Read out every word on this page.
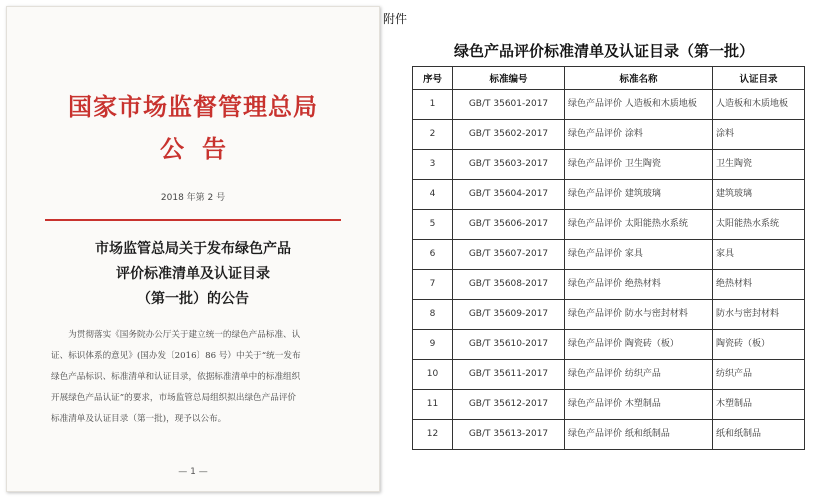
国家市场监督管理总局
公告
2018 年第 2 号
市场监管总局关于发布绿色产品
评价标准清单及认证目录
（第一批）的公告

为贯彻落实《国务院办公厅关于建立统一的绿色产品标准、认

证、标识体系的意见》(国办发〔2016〕86 号）中关于“统一发布
绿色产品标识、标准清单和认证目录，依据标准清单中的标准组织
开展绿色产品认证”的要求，市场监管总局组织拟出绿色产品评价
标准清单及认证目录（第一批)，现予以公布。
— 1 —
附件
绿色产品评价标准清单及认证目录（第一批）
序号	标准编号	标准名称	认证目录
1	GB/T 35601-2017	绿色产品评价 人造板和木质地板	人造板和木质地板
2	GB/T 35602-2017	绿色产品评价 涂料	涂料
3	GB/T 35603-2017	绿色产品评价 卫生陶瓷	卫生陶瓷
4	GB/T 35604-2017	绿色产品评价 建筑玻璃	建筑玻璃
5	GB/T 35606-2017	绿色产品评价 太阳能热水系统	太阳能热水系统
6	GB/T 35607-2017	绿色产品评价 家具	家具
7	GB/T 35608-2017	绿色产品评价 绝热材料	绝热材料
8	GB/T 35609-2017	绿色产品评价 防水与密封材料	防水与密封材料
9	GB/T 35610-2017	绿色产品评价 陶瓷砖（板）	陶瓷砖（板）
10	GB/T 35611-2017	绿色产品评价 纺织产品	纺织产品
11	GB/T 35612-2017	绿色产品评价 木塑制品	木塑制品
12	GB/T 35613-2017	绿色产品评价 纸和纸制品	纸和纸制品
